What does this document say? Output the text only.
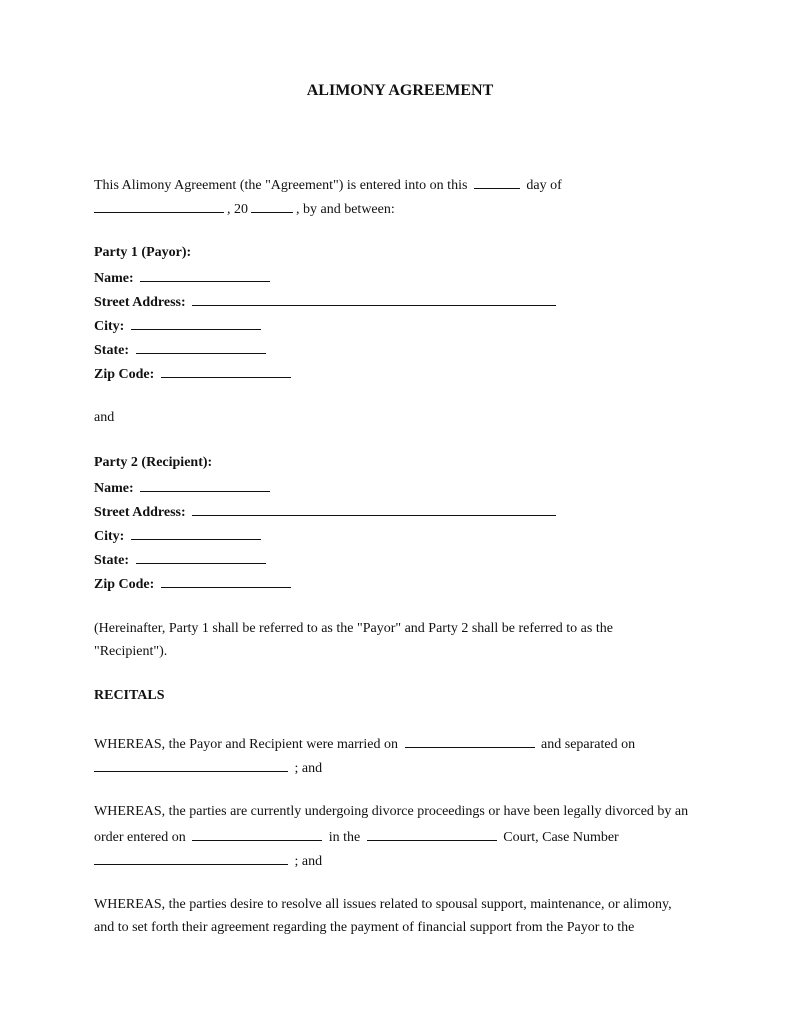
ALIMONY AGREEMENT
This Alimony Agreement (the "Agreement") is entered into on this	day of
, 20	, by and between:
Party 1 (Payor):
Name:
Street Address:
City:
State:
Zip Code:
and
Party 2 (Recipient):
Name:
Street Address:
City:
State:
Zip Code:
(Hereinafter, Party 1 shall be referred to as the "Payor" and Party 2 shall be referred to as the
"Recipient").
RECITALS
WHEREAS, the Payor and Recipient were married on	and separated on
; and
WHEREAS, the parties are currently undergoing divorce proceedings or have been legally divorced by an
order entered on	in the	Court, Case Number
; and
WHEREAS, the parties desire to resolve all issues related to spousal support, maintenance, or alimony,
and to set forth their agreement regarding the payment of financial support from the Payor to the
